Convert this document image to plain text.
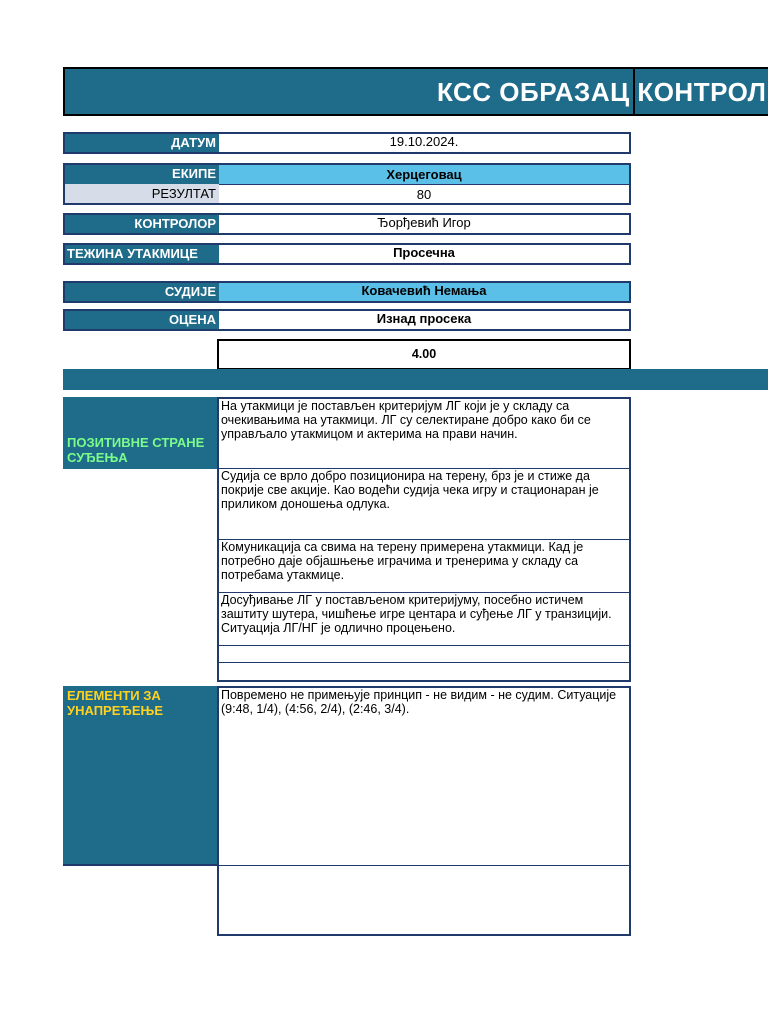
КСС ОБРАЗАЦ КОНТРОЛЕ
ДАТУМ	19.10.2024.
ЕКИПЕ	Херцеговац
РЕЗУЛТАТ	80
КОНТРОЛОР	Ђорђевић Игор
ТЕЖИНА УТАКМИЦЕ	Просечна
СУДИЈЕ	Ковачевић Немања
ОЦЕНА	Изнад просека
4.00
ПОЗИТИВНЕ СТРАНЕ СУЂЕЊА
На утакмици је постављен критеријум ЛГ који је у складу са очекивањима на утакмици. ЛГ су селектиране добро како би се управљало утакмицом и актерима на прави начин.
Судија се врло добро позиционира на терену, брз је и стиже да покрије све акције. Као водећи судија чека игру и стационаран је приликом доношења одлука.
Комуникација са свима на терену примерена утакмици. Кад је потребно даје објашњење играчима и тренерима у складу са потребама утакмице.
Досуђивање ЛГ у постављеном критеријуму, посебно истичем заштиту шутера, чишћење игре центара и суђење ЛГ у транзицији. Ситуација ЛГ/НГ је одлично процењено.
ЕЛЕМЕНТИ ЗА УНАПРЕЂЕЊЕ
Повремено не примењује принцип - не видим - не судим. Ситуације (9:48, 1/4), (4:56, 2/4), (2:46, 3/4).
